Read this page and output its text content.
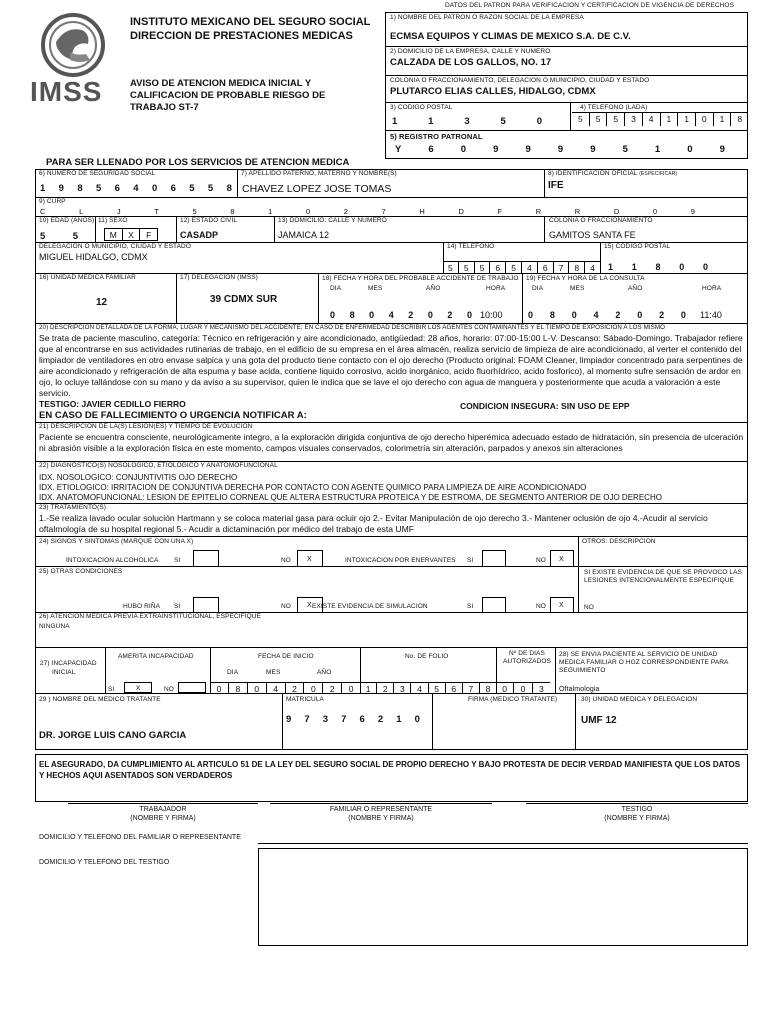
IMSS
INSTITUTO MEXICANO DEL SEGURO SOCIAL
DIRECCION DE PRESTACIONES MEDICAS
AVISO DE ATENCION MEDICA INICIAL Y
CALIFICACION DE PROBABLE RIESGO DE
TRABAJO ST-7
DATOS DEL PATRON PARA VERIFICACION Y CERTIFICACION DE VIGENCIA DE DERECHOS
1) NOMBRE DEL PATRON O RAZON SOCIAL DE LA EMPRESA
ECMSA EQUIPOS Y CLIMAS DE MEXICO S.A. DE C.V.
2) DOMICILIO DE LA EMPRESA, CALLE Y NUMERO
CALZADA DE LOS GALLOS, NO. 17
COLONIA O FRACCIONAMIENTO, DELEGACION O MUNICIPIO, CIUDAD Y ESTADO
PLUTARCO ELIAS CALLES, HIDALGO, CDMX
3) CODIGO POSTAL	4) TELEFONO (LADA)
1	1	3	5	0	5	5	5	3	4	1	1	0	1	8
5) REGISTRO PATRONAL
Y	6	0	9	9	9	9	5	1	0	9
PARA SER LLENADO POR LOS SERVICIOS DE ATENCION MEDICA
6) NUMERO DE SEGURIDAD SOCIAL
1 9 8 5 6 4 0 6 5 5 8
7) APELLIDO PATERNO, MATERNO Y NOMBRE(S)
CHAVEZ LOPEZ JOSE TOMAS
8) IDENTIFICACION OFICIAL (ESPECIFICAR)
IFE
9) CURP
C	L	J	T	5	8	1	0	2	7	H	D	F	R	R	D	0	9
10) EDAD (AÑOS)
5	5
11) SEXO
M	X	F
12) ESTADO CIVIL
CASADP
13) DOMICILIO: CALLE Y NUMERO
JAMAICA 12
COLONIA O FRACCIONAMIENTO
GAMITOS SANTA FE
DELEGACION O MUNICIPIO, CIUDAD Y ESTADO
MIGUEL HIDALGO, CDMX
14) TELEFONO
5	5	5	6	5	4	6	7	8	4
15) CODIGO POSTAL
1 1 8 0 0
16) UNIDAD MEDICA FAMILIAR
12
17) DELEGACION (IMSS)
39 CDMX SUR
18) FECHA Y HORA DEL PROBABLE ACCIDENTE DE TRABAJO
DIA	MES	AÑO	HORA
0 8 0 4 2 0 2 0 10:00
19) FECHA Y HORA DE LA CONSULTA
DIA	MES	AÑO	HORA
0 8 0 4 2 0 2 0 11:40
20) DESCRIPCION DETALLADA DE LA FORMA, LUGAR Y MECANISMO DEL ACCIDENTE; EN CASO DE ENFERMEDAD DESCRIBIR LOS AGENTES CONTAMINANTES Y EL TIEMPO DE EXPOSICION A LOS MISMO
Se trata de paciente masculino, categoría: Técnico en refrigeración y aire acondicionado, antigüedad: 28 años, horario: 07:00-15:00 L-V. Descanso: Sábado-Domingo. Trabajador refiere que al encontrarse en sus actividades rutinarias de trabajo, en el edificio de su empresa en el área almacén, realiza servicio de limpieza de aire acondicionado, al verter el contenido del limpiador de ventiladores en otro envase salpica y una gota del producto tiene contacto con el ojo derecho (Producto original: FOAM Cleaner, limpiador concentrado para serpentines de aire acondicionado y refrigeración de alta espuma y base acida, contiene liquido corrosivo, acido inorgánico, acido fluorhídrico, acido fosforico), al momento sufre sensación de ardor en ojo, lo ocluye tallándose con su mano y da aviso a su supervisor, quien le indica que se lave el ojo derecho con agua de manguera y posteriormente que acuda a valoración a este servicio.
TESTIGO: JAVIER CEDILLO FIERRO	CONDICION INSEGURA: SIN USO DE EPP
EN CASO DE FALLECIMIENTO O URGENCIA NOTIFICAR A:
21) DESCRIPCION DE LA(S) LESION(ES) Y TIEMPO DE EVOLUCION
Paciente se encuentra consciente, neurológicamente integro, a la exploración dirigida conjuntiva de ojo derecho hiperémica adecuado estado de hidratación, sin presencia de ulceración ni abrasión visible a la exploración física en este momento, campos visuales conservados, colorimetría sin alteración, parpados y anexos sin alteraciones
22) DIAGNOSTICO(S) NOSOLOGICO, ETIOLOGICO Y ANATOMOFUNCIONAL
IDX. NOSOLOGICO: CONJUNTIVITIS OJO DERECHO
IDX. ETIOLOGICO: IRRITACION DE CONJUNTIVA DERECHA POR CONTACTO CON AGENTE QUIMICO PARA LIMPIEZA DE AIRE ACONDICIONADO
IDX. ANATOMOFUNCIONAL: LESION DE EPITELIO CORNEAL QUE ALTERA ESTRUCTURA PROTEICA Y DE ESTROMA, DE SEGMENTO ANTERIOR DE OJO DERECHO
23) TRATAMIENTO(S)
1.-Se realiza lavado ocular solución Hartmann y se coloca material gasa para ocluir ojo 2.- Evitar Manipulación de ojo derecho 3.- Mantener oclusión de ojo 4.-Acudir al servicio oftalmología de su hospital regional 5.- Acudir a dictaminación por médico del trabajo de esta UMF
24) SIGNOS Y SINTOMAS (MARQUE CON UNA X)
INTOXICACION ALCOHOLICA SI	NO X	INTOXICACION POR ENERVANTES SI	NO X
OTROS: DESCRIPCION
25) OTRAS CONDICIONES
HUBO RIÑA SI	NO X EXISTE EVIDENCIA DE SIMULACION	SI	NO X
SI EXISTE EVIDENCIA DE QUE SE PROVOCO LAS LESIONES INTENCIONALMENTE ESPECIFIQUE
NO
26) ATENCION MEDICA PREVIA EXTRAINSTITUCIONAL, ESPECIFIQUE
NINGUNA
27) INCAPACIDAD
INICIAL
AMERITA INCAPACIDAD
SI	X	NO
FECHA DE INICIO
DIA	MES	AÑO
0	8	0	4	2	0	2	0
No. DE FOLIO
1	2	3	4	5	6	7	8
Nº DE DIAS AUTORIZADOS
0	0	3
28) SE ENVIA PACIENTE AL SERVICIO DE UNIDAD MEDICA FAMILIAR O HGZ CORRESPONDIENTE PARA SEGUIMIENTO
Oftalmologia
29 ) NOMBRE DEL MEDICO TRATANTE
DR. JORGE LUIS CANO GARCIA
MATRICULA
9 7 3 7 6 2 1 0
FIRMA (MEDICO TRATANTE)	30) UNIDAD MEDICA Y DELEGACION
UMF 12
EL ASEGURADO, DA CUMPLIMIENTO AL ARTICULO 51 DE LA LEY DEL SEGURO SOCIAL DE PROPIO DERECHO Y BAJO PROTESTA DE DECIR VERDAD MANIFIESTA QUE LOS DATOS Y HECHOS AQUI ASENTADOS SON VERDADEROS
TRABAJADOR
(NOMBRE Y FIRMA)
FAMILIAR O REPRESENTANTE
(NOMBRE Y FIRMA)
TESTIGO
(NOMBRE Y FIRMA)
DOMICILIO Y TELEFONO DEL FAMILIAR O REPRESENTANTE
DOMICILIO Y TELEFONO DEL TESTIGO
